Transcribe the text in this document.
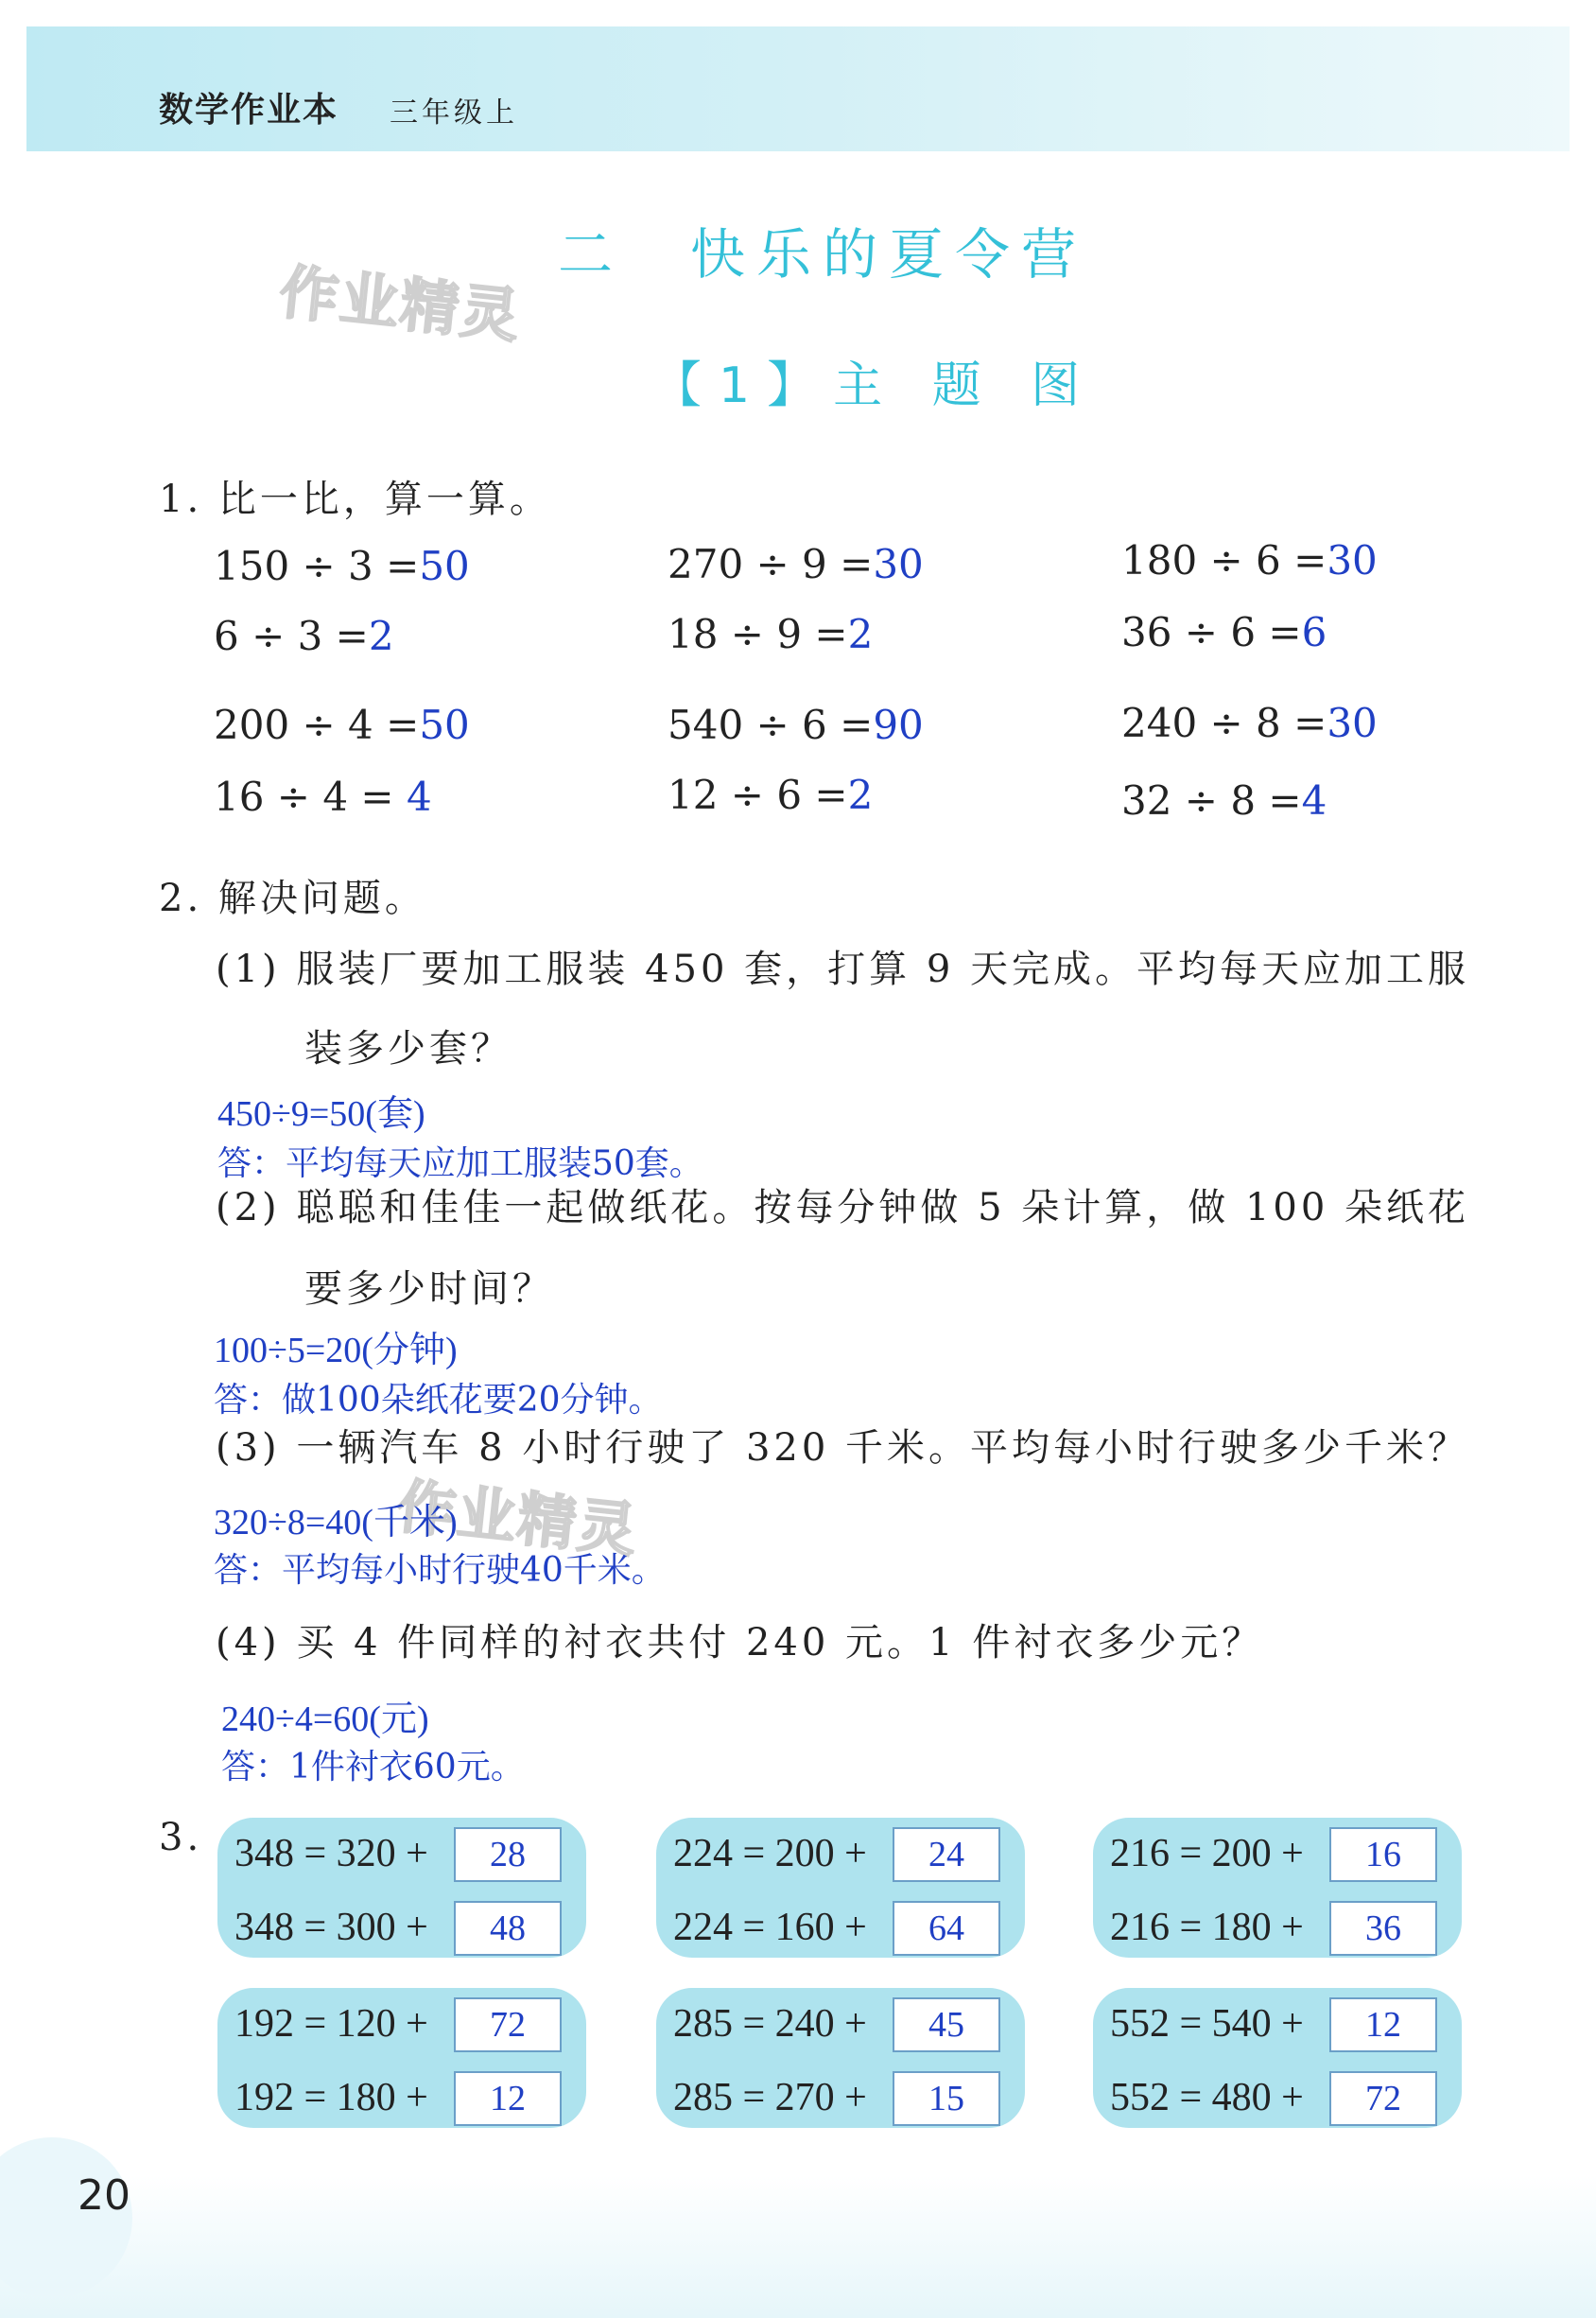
数学作业本 三年级上
二　快乐的夏令营
【1】主 题 图
作业精灵
作业精灵
1. 比一比，算一算。
150 ÷ 3 =50	270 ÷ 9 =30	180 ÷ 6 =30
6 ÷ 3 =2	18 ÷ 9 =2	36 ÷ 6 =6
200 ÷ 4 =50	540 ÷ 6 =90	240 ÷ 8 =30
16 ÷ 4 = 4	12 ÷ 6 =2	32 ÷ 8 =4
2. 解决问题。
(1) 服装厂要加工服装 450 套，打算 9 天完成。平均每天应加工服
装多少套？
450÷9=50(套)
答：平均每天应加工服装50套。
(2) 聪聪和佳佳一起做纸花。按每分钟做 5 朵计算，做 100 朵纸花
要多少时间？
100÷5=20(分钟)
答：做100朵纸花要20分钟。
(3) 一辆汽车 8 小时行驶了 320 千米。平均每小时行驶多少千米？
320÷8=40(千米)
答：平均每小时行驶40千米。
(4) 买 4 件同样的衬衣共付 240 元。1 件衬衣多少元？
240÷4=60(元)
答：1件衬衣60元。
3. 348 = 320 +	28
348 = 300 +	48
224 = 200 +	24
224 = 160 +	64
216 = 200 +	16
216 = 180 +	36
192 = 120 +	72
192 = 180 +	12
285 = 240 +	45
285 = 270 +	15
552 = 540 +	12
552 = 480 +	72
20
